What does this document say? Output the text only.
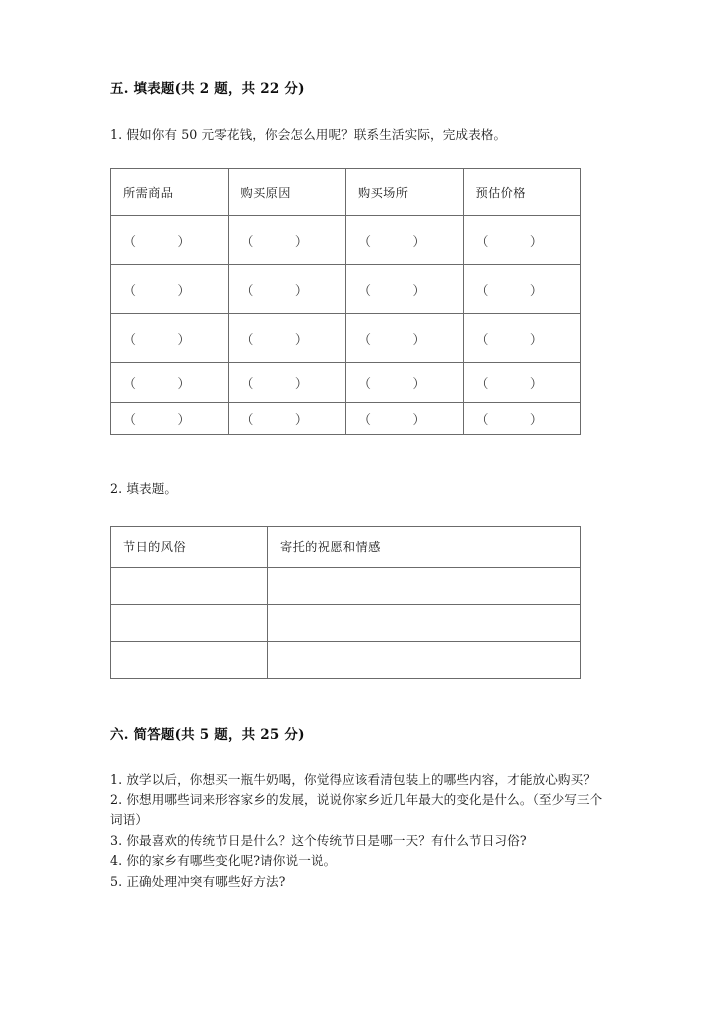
五. 填表题(共 2 题，共 22 分)

1. 假如你有 50 元零花钱，你会怎么用呢？联系生活实际，完成表格。

所需商品	购买原因	购买场所	预估价格

（          ）	（          ）	（          ）	（          ）

（          ）	（          ）	（          ）	（          ）

（          ）	（          ）	（          ）	（          ）

（          ）	（          ）	（          ）	（          ）

（          ）	（          ）	（          ）	（          ）

2. 填表题。

节日的风俗	寄托的祝愿和情感

六. 简答题(共 5 题，共 25 分)

1. 放学以后，你想买一瓶牛奶喝，你觉得应该看清包装上的哪些内容，才能放心购买？

2. 你想用哪些词来形容家乡的发展，说说你家乡近几年最大的变化是什么。（至少写三个词语）

3. 你最喜欢的传统节日是什么？这个传统节日是哪一天？有什么节日习俗?

4. 你的家乡有哪些变化呢?请你说一说。

5. 正确处理冲突有哪些好方法?
